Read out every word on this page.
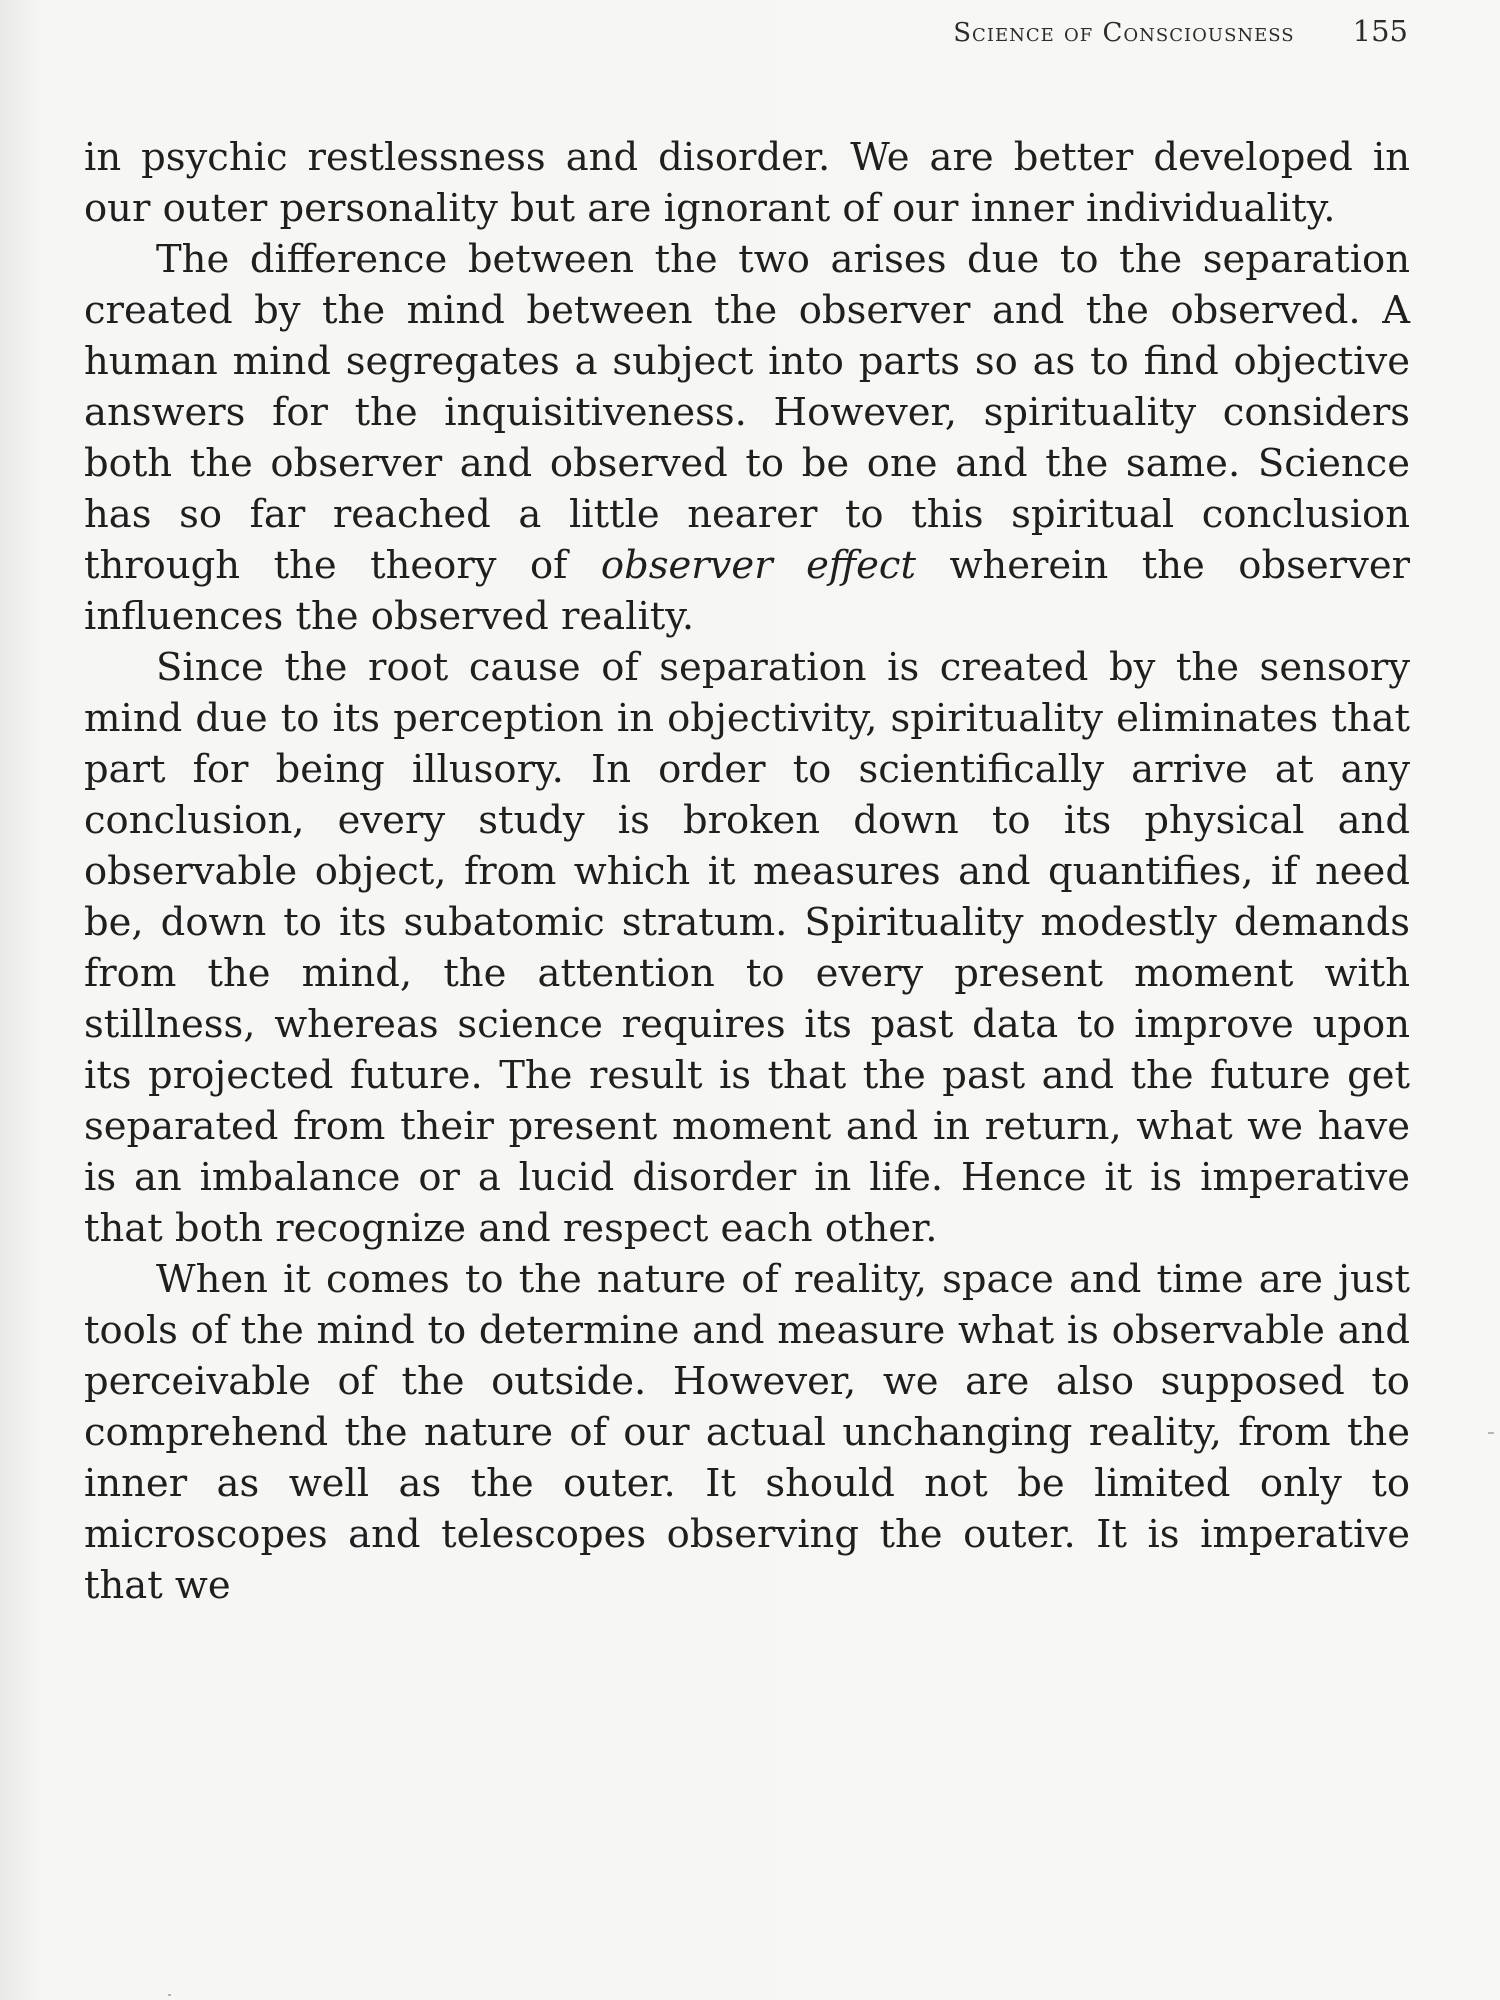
Science of Consciousness 155

in psychic restlessness and disorder. We are better developed in our outer personality but are ignorant of our inner individuality.

The difference between the two arises due to the separation created by the mind between the observer and the observed. A human mind segregates a subject into parts so as to find objective answers for the inquisitiveness. However, spirituality considers both the observer and observed to be one and the same. Science has so far reached a little nearer to this spiritual conclusion through the theory of observer effect wherein the observer influences the observed reality.

Since the root cause of separation is created by the sensory mind due to its perception in objectivity, spirituality eliminates that part for being illusory. In order to scientifically arrive at any conclusion, every study is broken down to its physical and observable object, from which it measures and quantifies, if need be, down to its subatomic stratum. Spirituality modestly demands from the mind, the attention to every present moment with stillness, whereas science requires its past data to improve upon its projected future. The result is that the past and the future get separated from their present moment and in return, what we have is an imbalance or a lucid disorder in life. Hence it is imperative that both recognize and respect each other.

When it comes to the nature of reality, space and time are just tools of the mind to determine and measure what is observable and perceivable of the outside. However, we are also supposed to comprehend the nature of our actual unchanging reality, from the inner as well as the outer. It should not be limited only to microscopes and telescopes observing the outer. It is imperative that we
